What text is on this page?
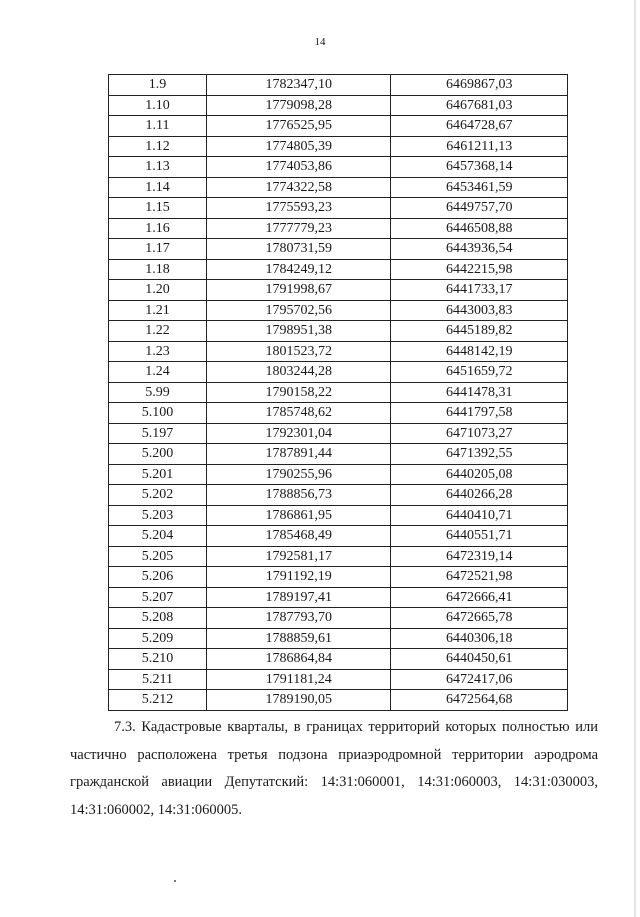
14
1.9	1782347,10	6469867,03
1.10	1779098,28	6467681,03
1.11	1776525,95	6464728,67
1.12	1774805,39	6461211,13
1.13	1774053,86	6457368,14
1.14	1774322,58	6453461,59
1.15	1775593,23	6449757,70
1.16	1777779,23	6446508,88
1.17	1780731,59	6443936,54
1.18	1784249,12	6442215,98
1.20	1791998,67	6441733,17
1.21	1795702,56	6443003,83
1.22	1798951,38	6445189,82
1.23	1801523,72	6448142,19
1.24	1803244,28	6451659,72
5.99	1790158,22	6441478,31
5.100	1785748,62	6441797,58
5.197	1792301,04	6471073,27
5.200	1787891,44	6471392,55
5.201	1790255,96	6440205,08
5.202	1788856,73	6440266,28
5.203	1786861,95	6440410,71
5.204	1785468,49	6440551,71
5.205	1792581,17	6472319,14
5.206	1791192,19	6472521,98
5.207	1789197,41	6472666,41
5.208	1787793,70	6472665,78
5.209	1788859,61	6440306,18
5.210	1786864,84	6440450,61
5.211	1791181,24	6472417,06
5.212	1789190,05	6472564,68
7.3. Кадастровые кварталы, в границах территорий которых полностью или частично расположена третья подзона приаэродромной территории аэродрома гражданской авиации Депутатский: 14:31:060001, 14:31:060003, 14:31:030003, 14:31:060002, 14:31:060005.
